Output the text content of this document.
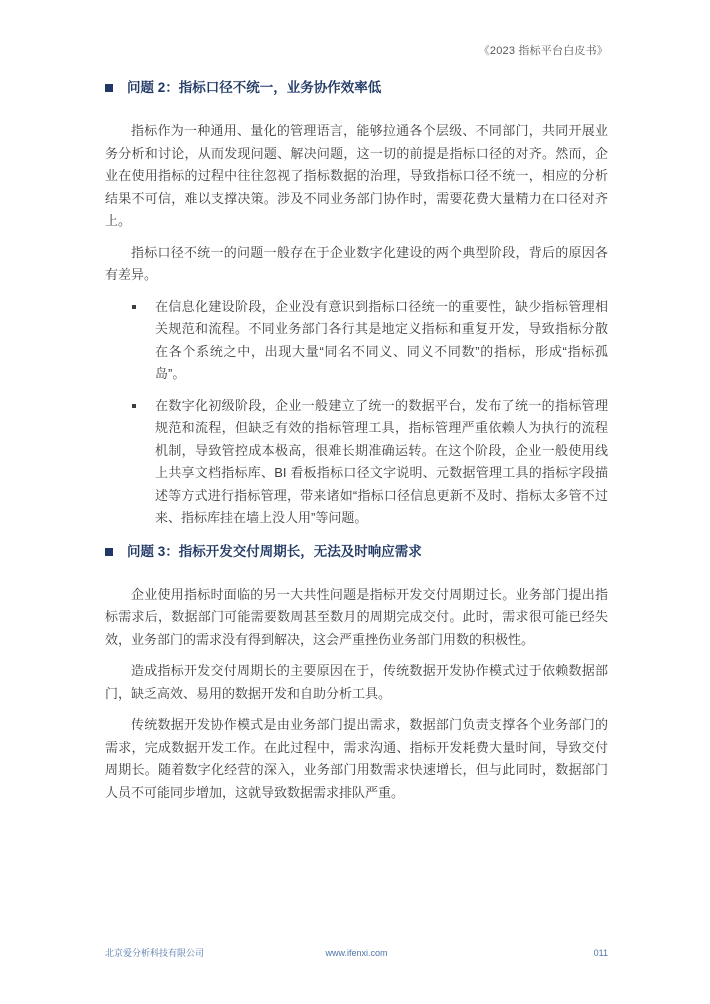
《2023 指标平台白皮书》
问题 2：指标口径不统一，业务协作效率低

指标作为一种通用、量化的管理语言，能够拉通各个层级、不同部门，共同开展业务分析和讨论，从而发现问题、解决问题，这一切的前提是指标口径的对齐。然而，企业在使用指标的过程中往往忽视了指标数据的治理，导致指标口径不统一，相应的分析结果不可信，难以支撑决策。涉及不同业务部门协作时，需要花费大量精力在口径对齐上。

指标口径不统一的问题一般存在于企业数字化建设的两个典型阶段，背后的原因各有差异。

在信息化建设阶段，企业没有意识到指标口径统一的重要性，缺少指标管理相关规范和流程。不同业务部门各行其是地定义指标和重复开发，导致指标分散在各个系统之中，出现大量“同名不同义、同义不同数”的指标，形成“指标孤岛”。

在数字化初级阶段，企业一般建立了统一的数据平台，发布了统一的指标管理规范和流程，但缺乏有效的指标管理工具，指标管理严重依赖人为执行的流程机制，导致管控成本极高，很难长期准确运转。在这个阶段，企业一般使用线上共享文档指标库、BI 看板指标口径文字说明、元数据管理工具的指标字段描述等方式进行指标管理，带来诸如“指标口径信息更新不及时、指标太多管不过来、指标库挂在墙上没人用”等问题。

问题 3：指标开发交付周期长，无法及时响应需求

企业使用指标时面临的另一大共性问题是指标开发交付周期过长。业务部门提出指标需求后，数据部门可能需要数周甚至数月的周期完成交付。此时，需求很可能已经失效，业务部门的需求没有得到解决，这会严重挫伤业务部门用数的积极性。

造成指标开发交付周期长的主要原因在于，传统数据开发协作模式过于依赖数据部门，缺乏高效、易用的数据开发和自助分析工具。

传统数据开发协作模式是由业务部门提出需求，数据部门负责支撑各个业务部门的需求，完成数据开发工作。在此过程中，需求沟通、指标开发耗费大量时间，导致交付周期长。随着数字化经营的深入，业务部门用数需求快速增长，但与此同时，数据部门人员不可能同步增加，这就导致数据需求排队严重。

北京爱分析科技有限公司	www.ifenxi.com	011
